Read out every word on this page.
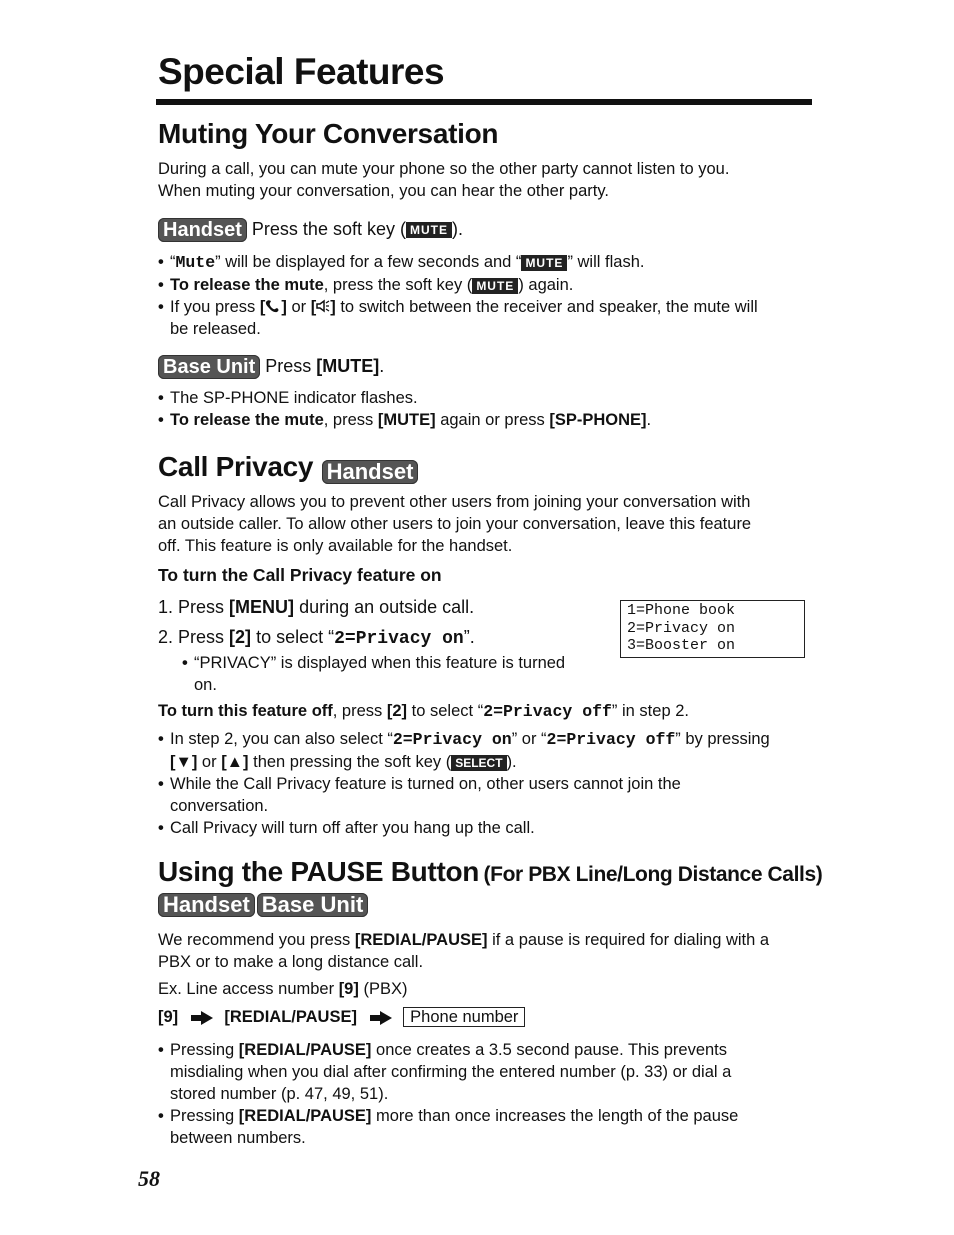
Special Features
Muting Your Conversation
During a call, you can mute your phone so the other party cannot listen to you.
When muting your conversation, you can hear the other party.
Handset Press the soft key ( MUTE ).
• “Mute” will be displayed for a few seconds and “ MUTE ” will flash.
• To release the mute, press the soft key ( MUTE ) again.
• If you press [ ] or [ ] to switch between the receiver and speaker, the mute will
be released.
Base Unit Press [MUTE].
• The SP-PHONE indicator flashes.
• To release the mute, press [MUTE] again or press [SP-PHONE].
Call Privacy Handset
Call Privacy allows you to prevent other users from joining your conversation with
an outside caller. To allow other users to join your conversation, leave this feature
off. This feature is only available for the handset.
To turn the Call Privacy feature on
1. Press [MENU] during an outside call.
2. Press [2] to select “2=Privacy on”.
• “PRIVACY” is displayed when this feature is turned
on.
1=Phone book
2=Privacy on
3=Booster on
To turn this feature off, press [2] to select “2=Privacy off” in step 2.
• In step 2, you can also select “2=Privacy on” or “2=Privacy off” by pressing
[▼] or [▲] then pressing the soft key ( SELECT ).
• While the Call Privacy feature is turned on, other users cannot join the
conversation.
• Call Privacy will turn off after you hang up the call.
Using the PAUSE Button (For PBX Line/Long Distance Calls)
Handset Base Unit
We recommend you press [REDIAL/PAUSE] if a pause is required for dialing with a
PBX or to make a long distance call.
Ex. Line access number [9] (PBX)
[9]	[REDIAL/PAUSE]	Phone number
• Pressing [REDIAL/PAUSE] once creates a 3.5 second pause. This prevents
misdialing when you dial after confirming the entered number (p. 33) or dial a
stored number (p. 47, 49, 51).
• Pressing [REDIAL/PAUSE] more than once increases the length of the pause
between numbers.
58
